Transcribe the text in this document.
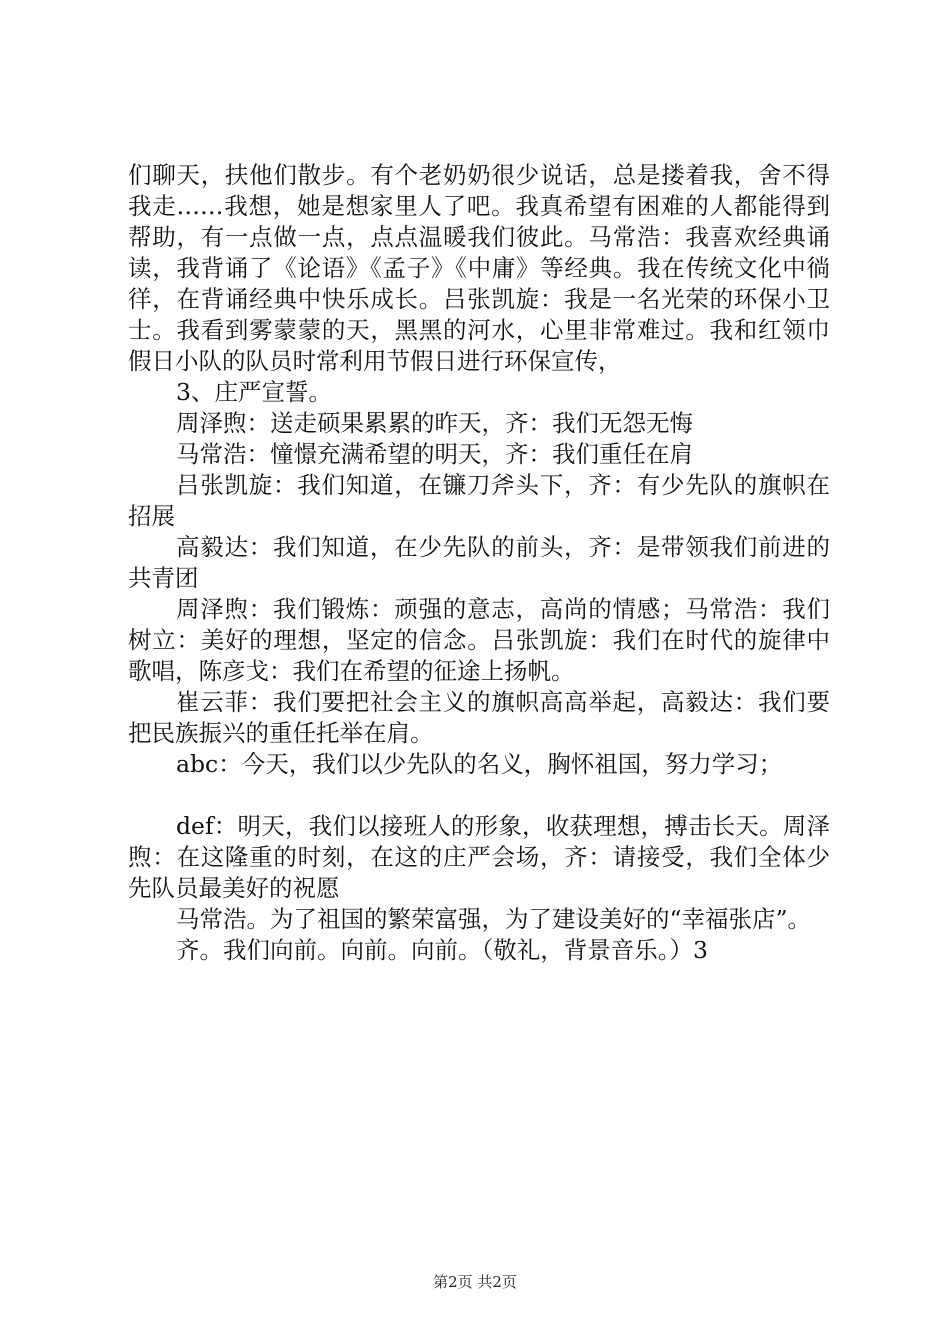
们聊天，扶他们散步。有个老奶奶很少说话，总是搂着我，舍不得我走……我想，她是想家里人了吧。我真希望有困难的人都能得到帮助，有一点做一点，点点温暖我们彼此。马常浩：我喜欢经典诵读，我背诵了《论语》《孟子》《中庸》等经典。我在传统文化中徜徉，在背诵经典中快乐成长。吕张凯旋：我是一名光荣的环保小卫士。我看到雾蒙蒙的天，黑黑的河水，心里非常难过。我和红领巾假日小队的队员时常利用节假日进行环保宣传，

3、庄严宣誓。

周泽煦：送走硕果累累的昨天，齐：我们无怨无悔

马常浩：憧憬充满希望的明天，齐：我们重任在肩

吕张凯旋：我们知道，在镰刀斧头下，齐：有少先队的旗帜在招展

高毅达：我们知道，在少先队的前头，齐：是带领我们前进的共青团

周泽煦：我们锻炼：顽强的意志，高尚的情感；马常浩：我们树立：美好的理想，坚定的信念。吕张凯旋：我们在时代的旋律中歌唱，陈彦戈：我们在希望的征途上扬帆。

崔云菲：我们要把社会主义的旗帜高高举起，高毅达：我们要把民族振兴的重任托举在肩。

abc：今天，我们以少先队的名义，胸怀祖国，努力学习；

def：明天，我们以接班人的形象，收获理想，搏击长天。周泽煦：在这隆重的时刻，在这的庄严会场，齐：请接受，我们全体少先队员最美好的祝愿

马常浩。为了祖国的繁荣富强，为了建设美好的“幸福张店”。

齐。我们向前。向前。向前。（敬礼，背景音乐。）3

第2页 共2页
